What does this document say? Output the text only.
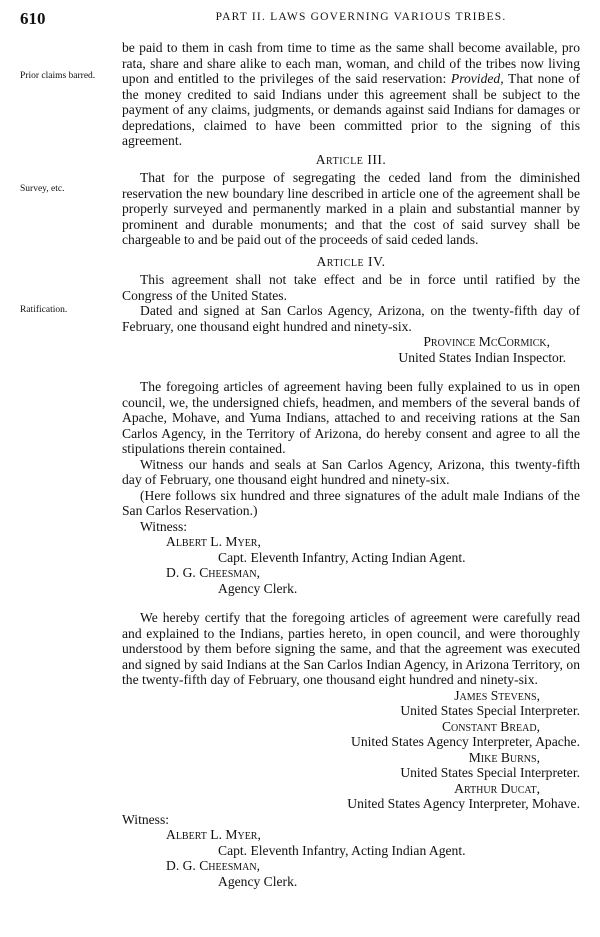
610	PART II. LAWS GOVERNING VARIOUS TRIBES.
Prior claims barred.
Survey, etc.
Ratification.

be paid to them in cash from time to time as the same shall become available, pro rata, share and share alike to each man, woman, and child of the tribes now living upon and entitled to the privileges of the said reservation: Provided, That none of the money credited to said Indians under this agreement shall be subject to the payment of any claims, judgments, or demands against said Indians for damages or depredations, claimed to have been committed prior to the signing of this agreement.

Article III.

That for the purpose of segregating the ceded land from the diminished reservation the new boundary line described in article one of the agreement shall be properly surveyed and permanently marked in a plain and substantial manner by prominent and durable monuments; and that the cost of said survey shall be chargeable to and be paid out of the proceeds of said ceded lands.

Article IV.

This agreement shall not take effect and be in force until ratified by the Congress of the United States.

Dated and signed at San Carlos Agency, Arizona, on the twenty-fifth day of February, one thousand eight hundred and ninety-six.

Province McCormick,
United States Indian Inspector.

The foregoing articles of agreement having been fully explained to us in open council, we, the undersigned chiefs, headmen, and members of the several bands of Apache, Mohave, and Yuma Indians, attached to and receiving rations at the San Carlos Agency, in the Territory of Arizona, do hereby consent and agree to all the stipulations therein contained.

Witness our hands and seals at San Carlos Agency, Arizona, this twenty-fifth day of February, one thousand eight hundred and ninety-six.

(Here follows six hundred and three signatures of the adult male Indians of the San Carlos Reservation.)

Witness:
Albert L. Myer,
Capt. Eleventh Infantry, Acting Indian Agent.
D. G. Cheesman,
Agency Clerk.

We hereby certify that the foregoing articles of agreement were carefully read and explained to the Indians, parties hereto, in open council, and were thoroughly understood by them before signing the same, and that the agreement was executed and signed by said Indians at the San Carlos Indian Agency, in Arizona Territory, on the twenty-fifth day of February, one thousand eight hundred and ninety-six.

James Stevens,
United States Special Interpreter.
Constant Bread,
United States Agency Interpreter, Apache.
Mike Burns,
United States Special Interpreter.
Arthur Ducat,
United States Agency Interpreter, Mohave.
Witness:
Albert L. Myer,
Capt. Eleventh Infantry, Acting Indian Agent.
D. G. Cheesman,
Agency Clerk.
